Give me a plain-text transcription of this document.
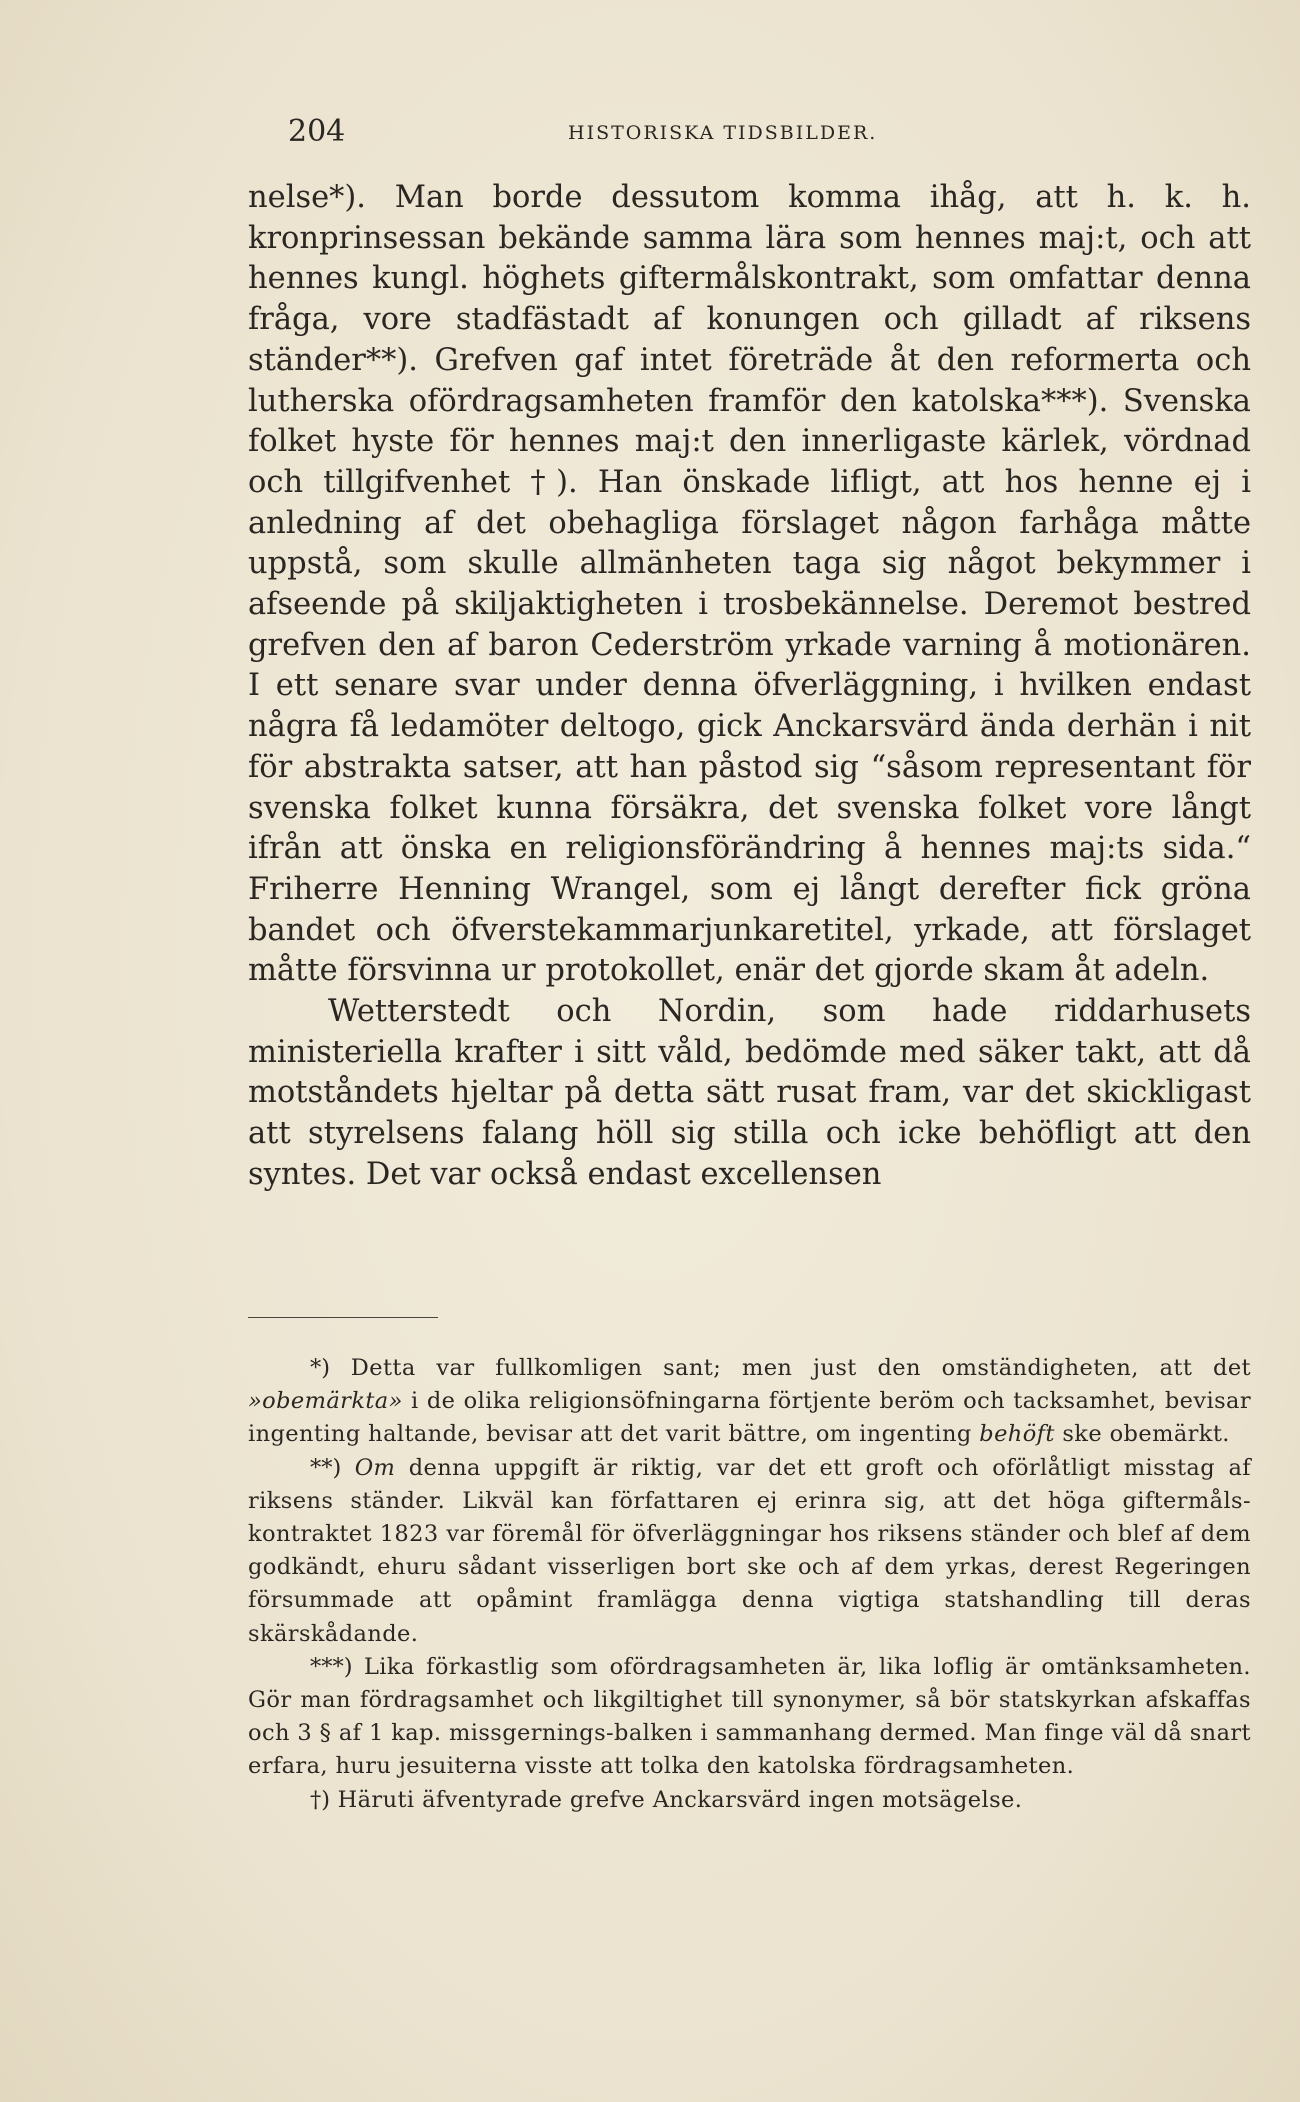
204	HISTORISKA TIDSBILDER.

nelse*). Man borde dessutom komma ihåg, att h. k. h. kronprinsessan bekände samma lära som hennes maj:t, och att hennes kungl. höghets giftermålskontrakt, som omfattar denna fråga, vore stadfästadt af konungen och gilladt af riksens ständer**). Grefven gaf intet företräde åt den reformerta och lutherska ofördragsamheten framför den katolska***). Svenska folket hyste för hennes maj:t den innerligaste kärlek, vördnad och tillgifvenhet †). Han önskade lifligt, att hos henne ej i anledning af det obehagliga förslaget någon farhåga måtte uppstå, som skulle allmänheten taga sig något bekymmer i afseende på skiljaktigheten i trosbekännelse. Deremot bestred grefven den af baron Cederström yrkade varning å motionären. I ett senare svar under denna öfverläggning, i hvilken endast några få ledamöter deltogo, gick Anckarsvärd ända derhän i nit för abstrakta satser, att han påstod sig “såsom representant för svenska folket kunna försäkra, det svenska folket vore långt ifrån att önska en religionsförändring å hennes maj:ts sida.“ Friherre Henning Wrangel, som ej långt derefter fick gröna bandet och öfverstekammarjunkaretitel, yrkade, att förslaget måtte försvinna ur protokollet, enär det gjorde skam åt adeln.

Wetterstedt och Nordin, som hade riddarhusets ministeriella krafter i sitt våld, bedömde med säker takt, att då motståndets hjeltar på detta sätt rusat fram, var det skickligast att styrelsens falang höll sig stilla och icke behöfligt att den syntes. Det var också endast excellensen

*) Detta var fullkomligen sant; men just den omständigheten, att det »obemärkta» i de olika religionsöfningarna förtjente beröm och tacksamhet, bevisar ingenting haltande, bevisar att det varit bättre, om ingenting behöft ske obemärkt.

**) Om denna uppgift är riktig, var det ett groft och oförlåtligt misstag af riksens ständer. Likväl kan författaren ej erinra sig, att det höga giftermåls-kontraktet 1823 var föremål för öfverläggningar hos riksens ständer och blef af dem godkändt, ehuru sådant visserligen bort ske och af dem yrkas, derest Regeringen försummade att opåmint framlägga denna vigtiga statshandling till deras skärskådande.

***) Lika förkastlig som ofördragsamheten är, lika loflig är omtänksamheten. Gör man fördragsamhet och likgiltighet till synonymer, så bör statskyrkan afskaffas och 3 § af 1 kap. missgernings-balken i sammanhang dermed. Man finge väl då snart erfara, huru jesuiterna visste att tolka den katolska fördragsamheten.

†) Häruti äfventyrade grefve Anckarsvärd ingen motsägelse.
